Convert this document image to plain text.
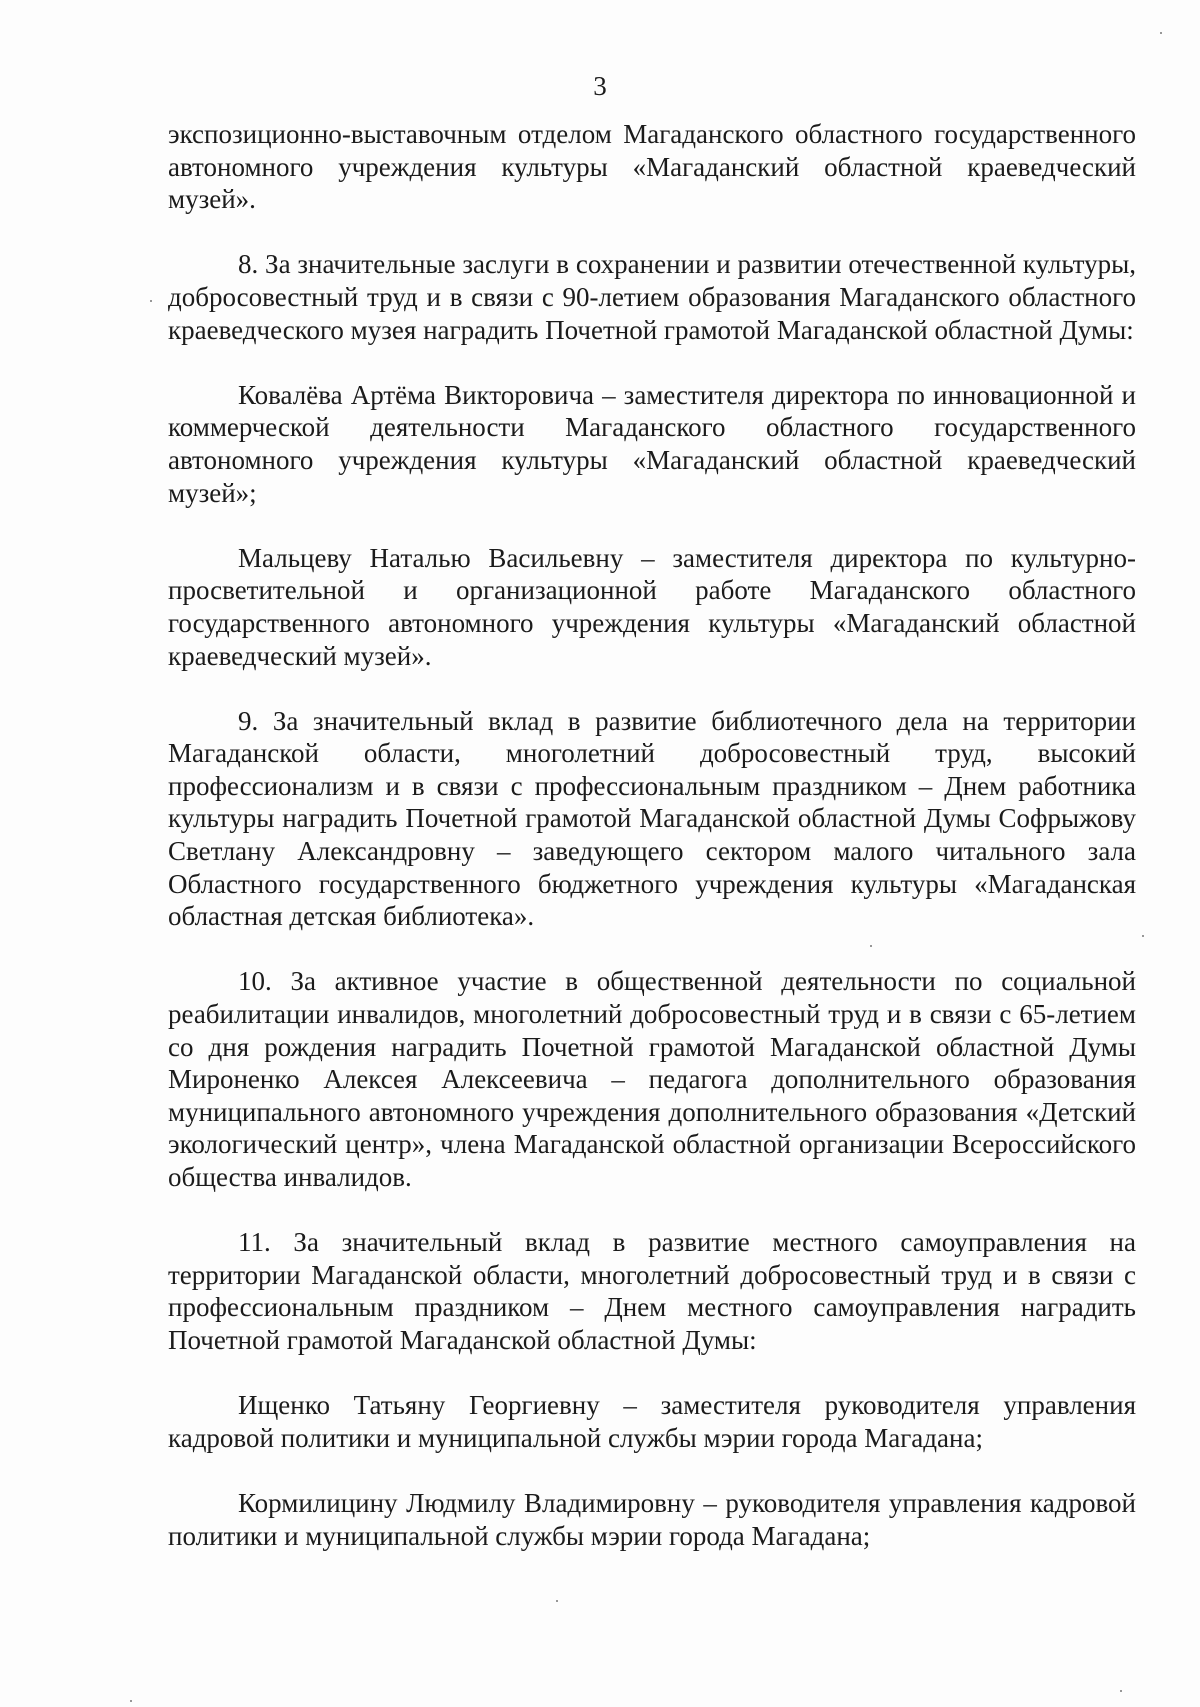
3

экспозиционно-выставочным отделом Магаданского областного государственного автономного учреждения культуры «Магаданский областной краеведческий музей».

8. За значительные заслуги в сохранении и развитии отечественной культуры, добросовестный труд и в связи с 90-летием образования Магаданского областного краеведческого музея наградить Почетной грамотой Магаданской областной Думы:

Ковалёва Артёма Викторовича – заместителя директора по инновационной и коммерческой деятельности Магаданского областного государственного автономного учреждения культуры «Магаданский областной краеведческий музей»;

Мальцеву Наталью Васильевну – заместителя директора по культурно-просветительной и организационной работе Магаданского областного государственного автономного учреждения культуры «Магаданский областной краеведческий музей».

9. За значительный вклад в развитие библиотечного дела на территории Магаданской области, многолетний добросовестный труд, высокий профессионализм и в связи с профессиональным праздником – Днем работника культуры наградить Почетной грамотой Магаданской областной Думы Софрыжову Светлану Александровну – заведующего сектором малого читального зала Областного государственного бюджетного учреждения культуры «Магаданская областная детская библиотека».

10. За активное участие в общественной деятельности по социальной реабилитации инвалидов, многолетний добросовестный труд и в связи с 65-летием со дня рождения наградить Почетной грамотой Магаданской областной Думы Мироненко Алексея Алексеевича – педагога дополнительного образования муниципального автономного учреждения дополнительного образования «Детский экологический центр», члена Магаданской областной организации Всероссийского общества инвалидов.

11. За значительный вклад в развитие местного самоуправления на территории Магаданской области, многолетний добросовестный труд и в связи с профессиональным праздником – Днем местного самоуправления наградить Почетной грамотой Магаданской областной Думы:

Ищенко Татьяну Георгиевну – заместителя руководителя управления кадровой политики и муниципальной службы мэрии города Магадана;

Кормилицину Людмилу Владимировну – руководителя управления кадровой политики и муниципальной службы мэрии города Магадана;
